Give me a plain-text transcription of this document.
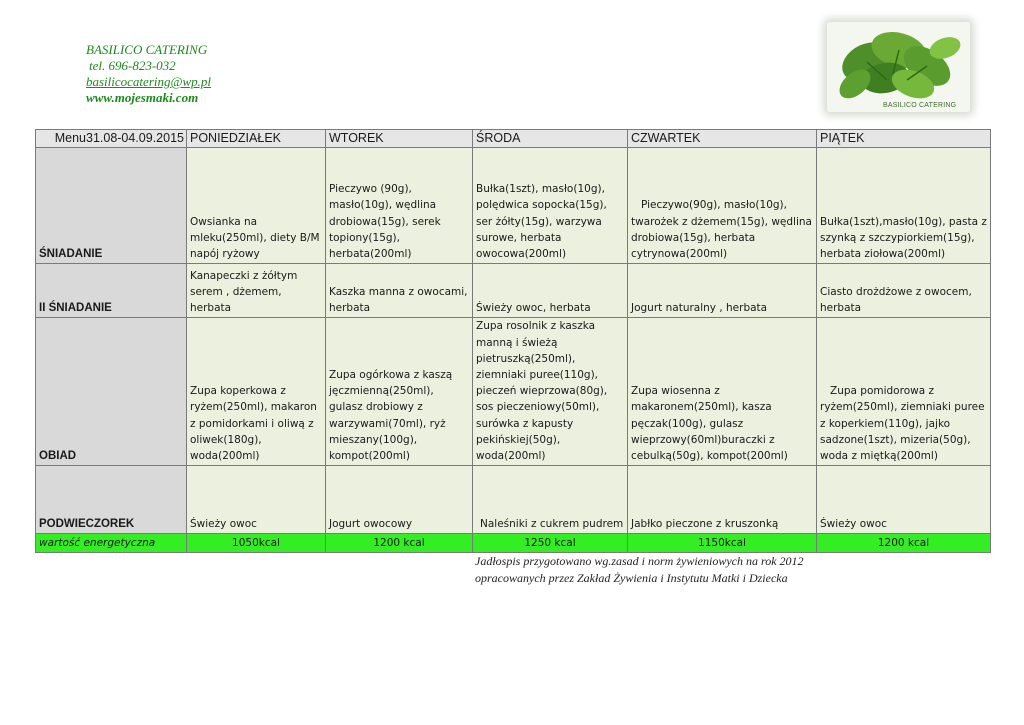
BASILICO CATERING
tel. 696-823-032
basilicocatering@wp.pl
www.mojesmaki.com
BASILICO CATERING
Menu31.08-04.09.2015	PONIEDZIAŁEK	WTOREK	ŚRODA	CZWARTEK	PIĄTEK
ŚNIADANIE	Owsianka na mleku(250ml), diety B/M napój ryżowy	Pieczywo (90g), masło(10g), wędlina drobiowa(15g), serek topiony(15g), herbata(200ml)	Bułka(1szt), masło(10g), polędwica sopocka(15g), ser żółty(15g), warzywa surowe, herbata owocowa(200ml)	Pieczywo(90g), masło(10g), twarożek z dżemem(15g), wędlina drobiowa(15g), herbata cytrynowa(200ml)	Bułka(1szt),masło(10g), pasta z szynką z szczypiorkiem(15g), herbata ziołowa(200ml)
II ŚNIADANIE	Kanapeczki z żółtym serem , dżemem, herbata	Kaszka manna z owocami, herbata	Świeży owoc, herbata	Jogurt naturalny , herbata	Ciasto drożdżowe z owocem, herbata
OBIAD	Zupa koperkowa z ryżem(250ml), makaron z pomidorkami i oliwą z oliwek(180g), woda(200ml)	Zupa ogórkowa z kaszą jęczmienną(250ml), gulasz drobiowy z warzywami(70ml), ryż mieszany(100g), kompot(200ml)	Zupa rosolnik z kaszka manną i świeżą pietruszką(250ml), ziemniaki puree(110g), pieczeń wieprzowa(80g), sos pieczeniowy(50ml), surówka z kapusty pekińskiej(50g), woda(200ml)	Zupa wiosenna z makaronem(250ml), kasza pęczak(100g), gulasz wieprzowy(60ml)buraczki z cebulką(50g), kompot(200ml)	Zupa pomidorowa z ryżem(250ml), ziemniaki puree z koperkiem(110g), jajko sadzone(1szt), mizeria(50g), woda z miętką(200ml)
PODWIECZOREK	Świeży owoc	Jogurt owocowy	Naleśniki z cukrem pudrem	Jabłko pieczone z kruszonką	Świeży owoc
wartość energetyczna	1050kcal	1200 kcal	1250 kcal	1150kcal	1200 kcal
Jadłospis przygotowano wg.zasad i norm żywieniowych na rok 2012
opracowanych przez Zakład Żywienia i Instytutu Matki i Dziecka
